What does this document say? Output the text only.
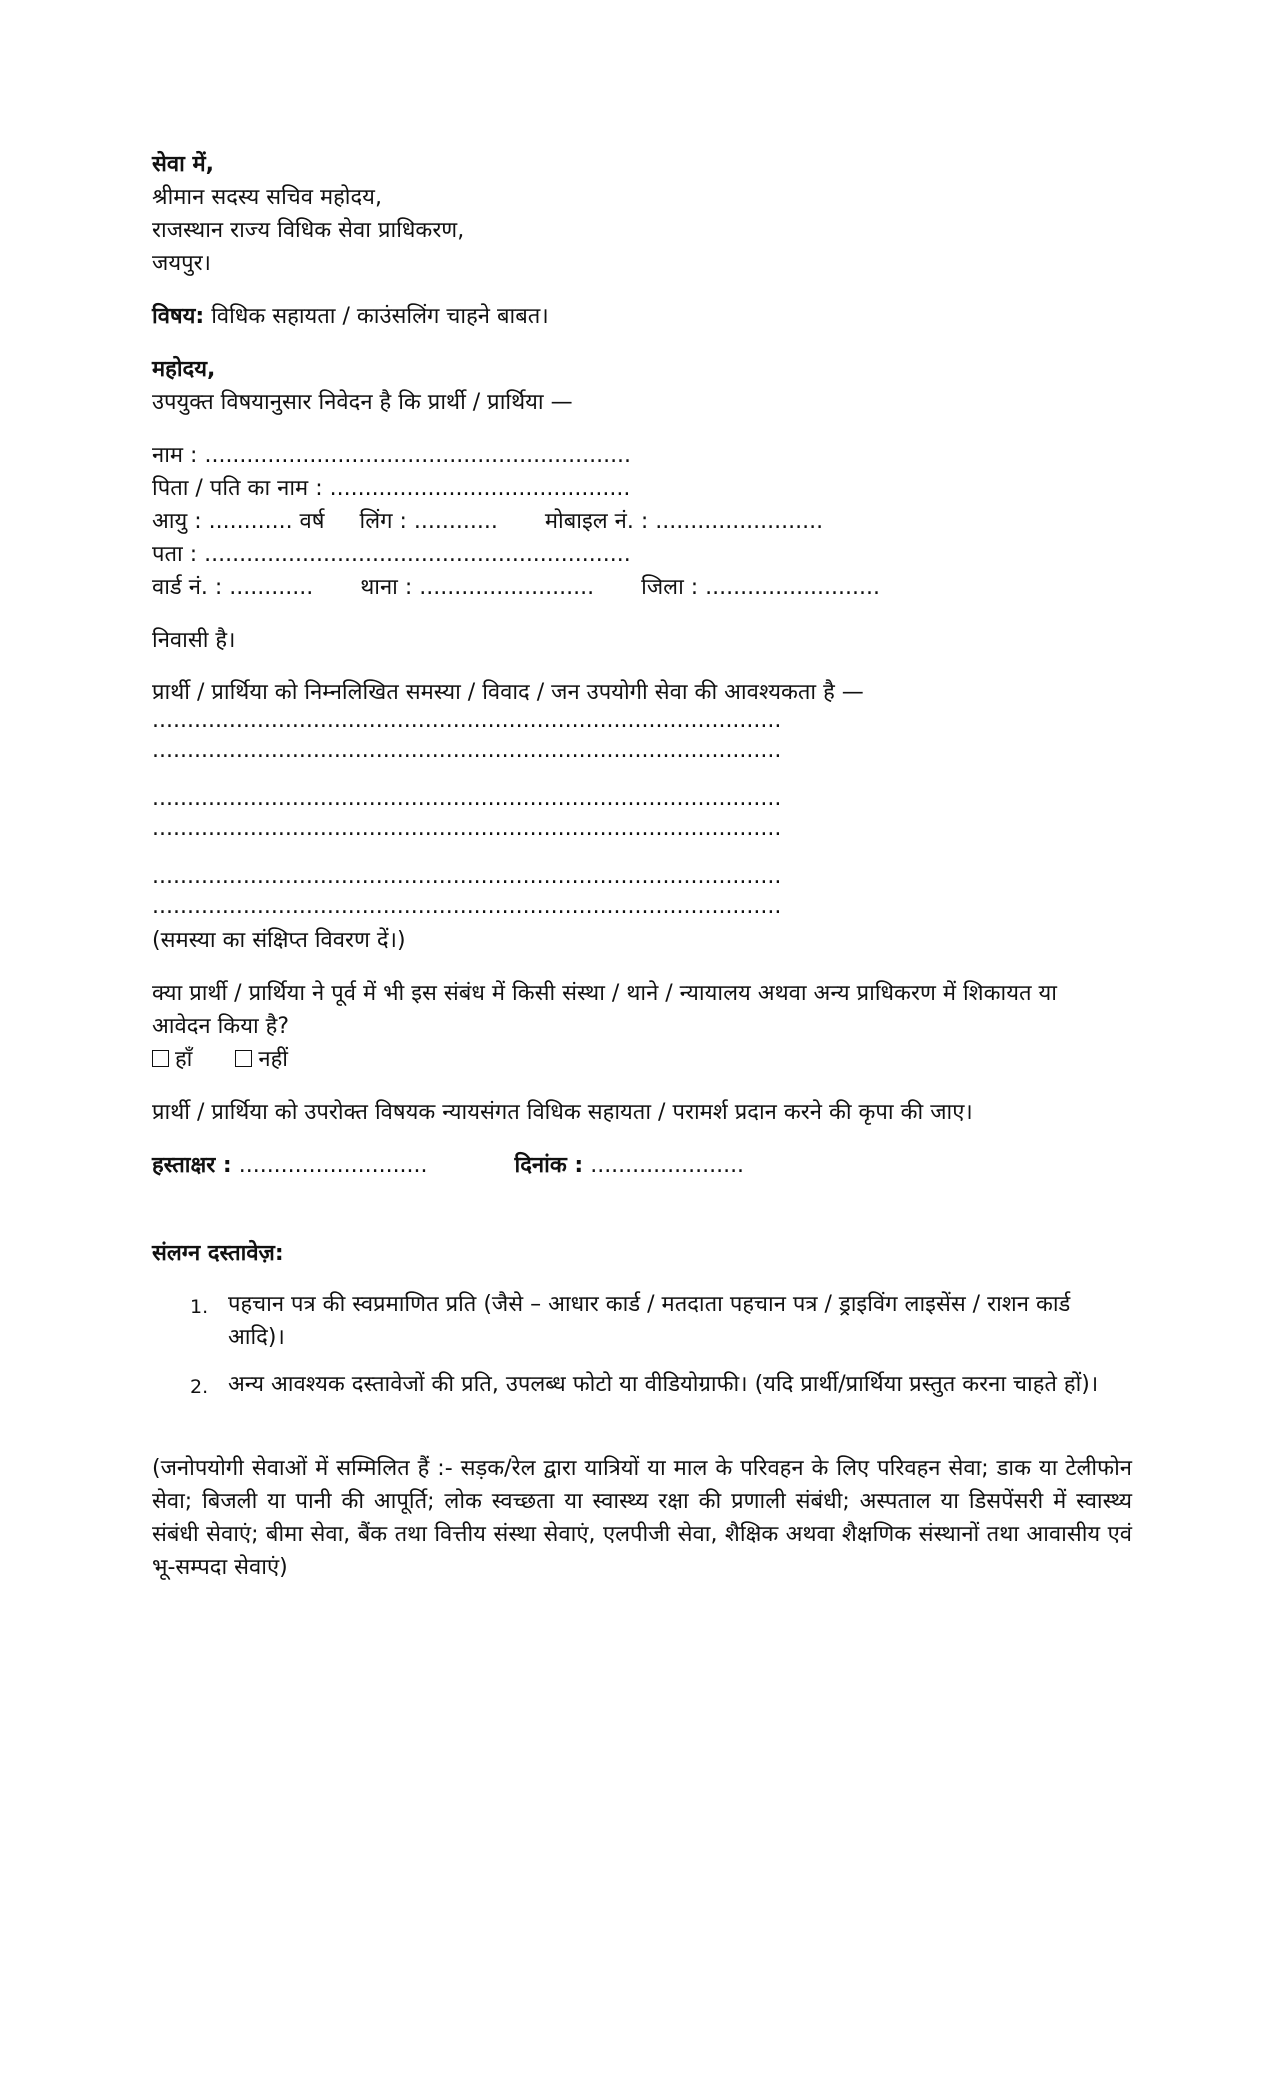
सेवा में,
श्रीमान सदस्य सचिव महोदय,
राजस्थान राज्य विधिक सेवा प्राधिकरण,
जयपुर।
विषय: विधिक सहायता / काउंसलिंग चाहने बाबत।
महोदय,
उपयुक्त विषयानुसार निवेदन है कि प्रार्थी / प्रार्थिया —
नाम : .............................................................
पिता / पति का नाम : ...........................................
आयु : ............ वर्ष लिंग : ............ मोबाइल नं. : ........................
पता : .............................................................
वार्ड नं. : ............ थाना : ......................... जिला : .........................
निवासी है।
प्रार्थी / प्रार्थिया को निम्नलिखित समस्या / विवाद / जन उपयोगी सेवा की आवश्यकता है —
..........................................................................................
..........................................................................................
..........................................................................................
..........................................................................................
..........................................................................................
..........................................................................................
(समस्या का संक्षिप्त विवरण दें।)
क्या प्रार्थी / प्रार्थिया ने पूर्व में भी इस संबंध में किसी संस्था / थाने / न्यायालय अथवा अन्य प्राधिकरण में शिकायत या
आवेदन किया है?
हाँ	नहीं
प्रार्थी / प्रार्थिया को उपरोक्त विषयक न्यायसंगत विधिक सहायता / परामर्श प्रदान करने की कृपा की जाए।
हस्ताक्षर : ...........................	दिनांक : ......................
संलग्न दस्तावेज़:
1. पहचान पत्र की स्वप्रमाणित प्रति (जैसे – आधार कार्ड / मतदाता पहचान पत्र / ड्राइविंग लाइसेंस / राशन कार्ड आदि)।
2. अन्य आवश्यक दस्तावेजों की प्रति, उपलब्ध फोटो या वीडियोग्राफी। (यदि प्रार्थी/प्रार्थिया प्रस्तुत करना चाहते हों)।
(जनोपयोगी सेवाओं में सम्मिलित हैं :- सड़क/रेल द्वारा यात्रियों या माल के परिवहन के लिए परिवहन सेवा; डाक या टेलीफोन सेवा; बिजली या पानी की आपूर्ति; लोक स्वच्छता या स्वास्थ्य रक्षा की प्रणाली संबंधी; अस्पताल या डिसपेंसरी में स्वास्थ्य संबंधी सेवाएं; बीमा सेवा, बैंक तथा वित्तीय संस्था सेवाएं, एलपीजी सेवा, शैक्षिक अथवा शैक्षणिक संस्थानों तथा आवासीय एवं भू-सम्पदा सेवाएं)
